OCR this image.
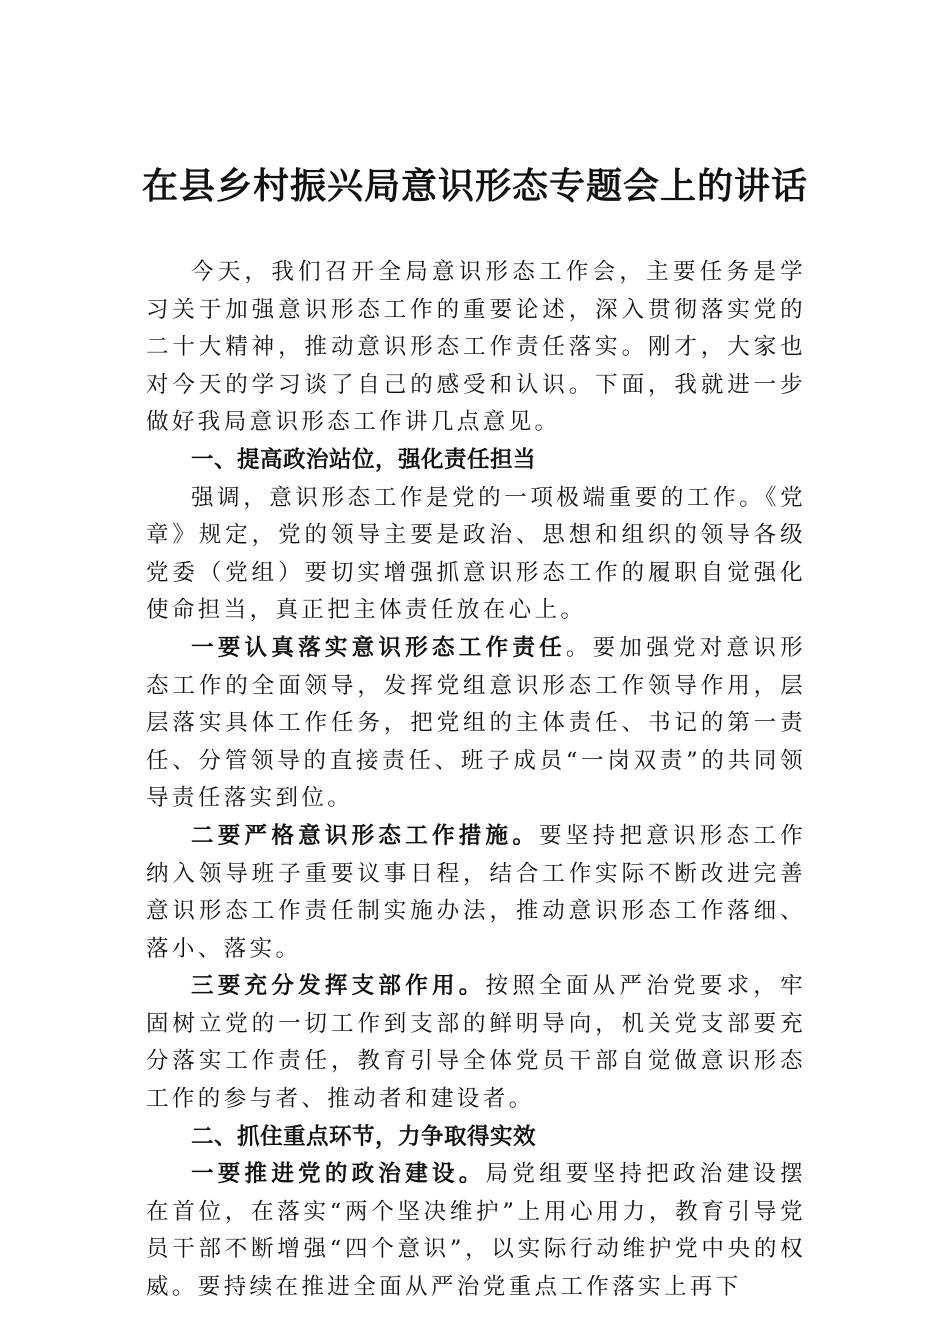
在县乡村振兴局意识形态专题会上的讲话

今天，我们召开全局意识形态工作会，主要任务是学习关于加强意识形态工作的重要论述，深入贯彻落实党的二十大精神，推动意识形态工作责任落实。刚才，大家也对今天的学习谈了自己的感受和认识。下面，我就进一步做好我局意识形态工作讲几点意见。

一、提高政治站位，强化责任担当

强调，意识形态工作是党的一项极端重要的工作。《党章》规定，党的领导主要是政治、思想和组织的领导各级党委（党组）要切实增强抓意识形态工作的履职自觉强化使命担当，真正把主体责任放在心上。

一要认真落实意识形态工作责任。要加强党对意识形态工作的全面领导，发挥党组意识形态工作领导作用，层层落实具体工作任务，把党组的主体责任、书记的第一责任、分管领导的直接责任、班子成员“一岗双责”的共同领导责任落实到位。

二要严格意识形态工作措施。要坚持把意识形态工作纳入领导班子重要议事日程，结合工作实际不断改进完善意识形态工作责任制实施办法，推动意识形态工作落细、落小、落实。

三要充分发挥支部作用。按照全面从严治党要求，牢固树立党的一切工作到支部的鲜明导向，机关党支部要充分落实工作责任，教育引导全体党员干部自觉做意识形态工作的参与者、推动者和建设者。

二、抓住重点环节，力争取得实效

一要推进党的政治建设。局党组要坚持把政治建设摆在首位，在落实“两个坚决维护”上用心用力，教育引导党员干部不断增强“四个意识”，以实际行动维护党中央的权威。要持续在推进全面从严治党重点工作落实上再下
